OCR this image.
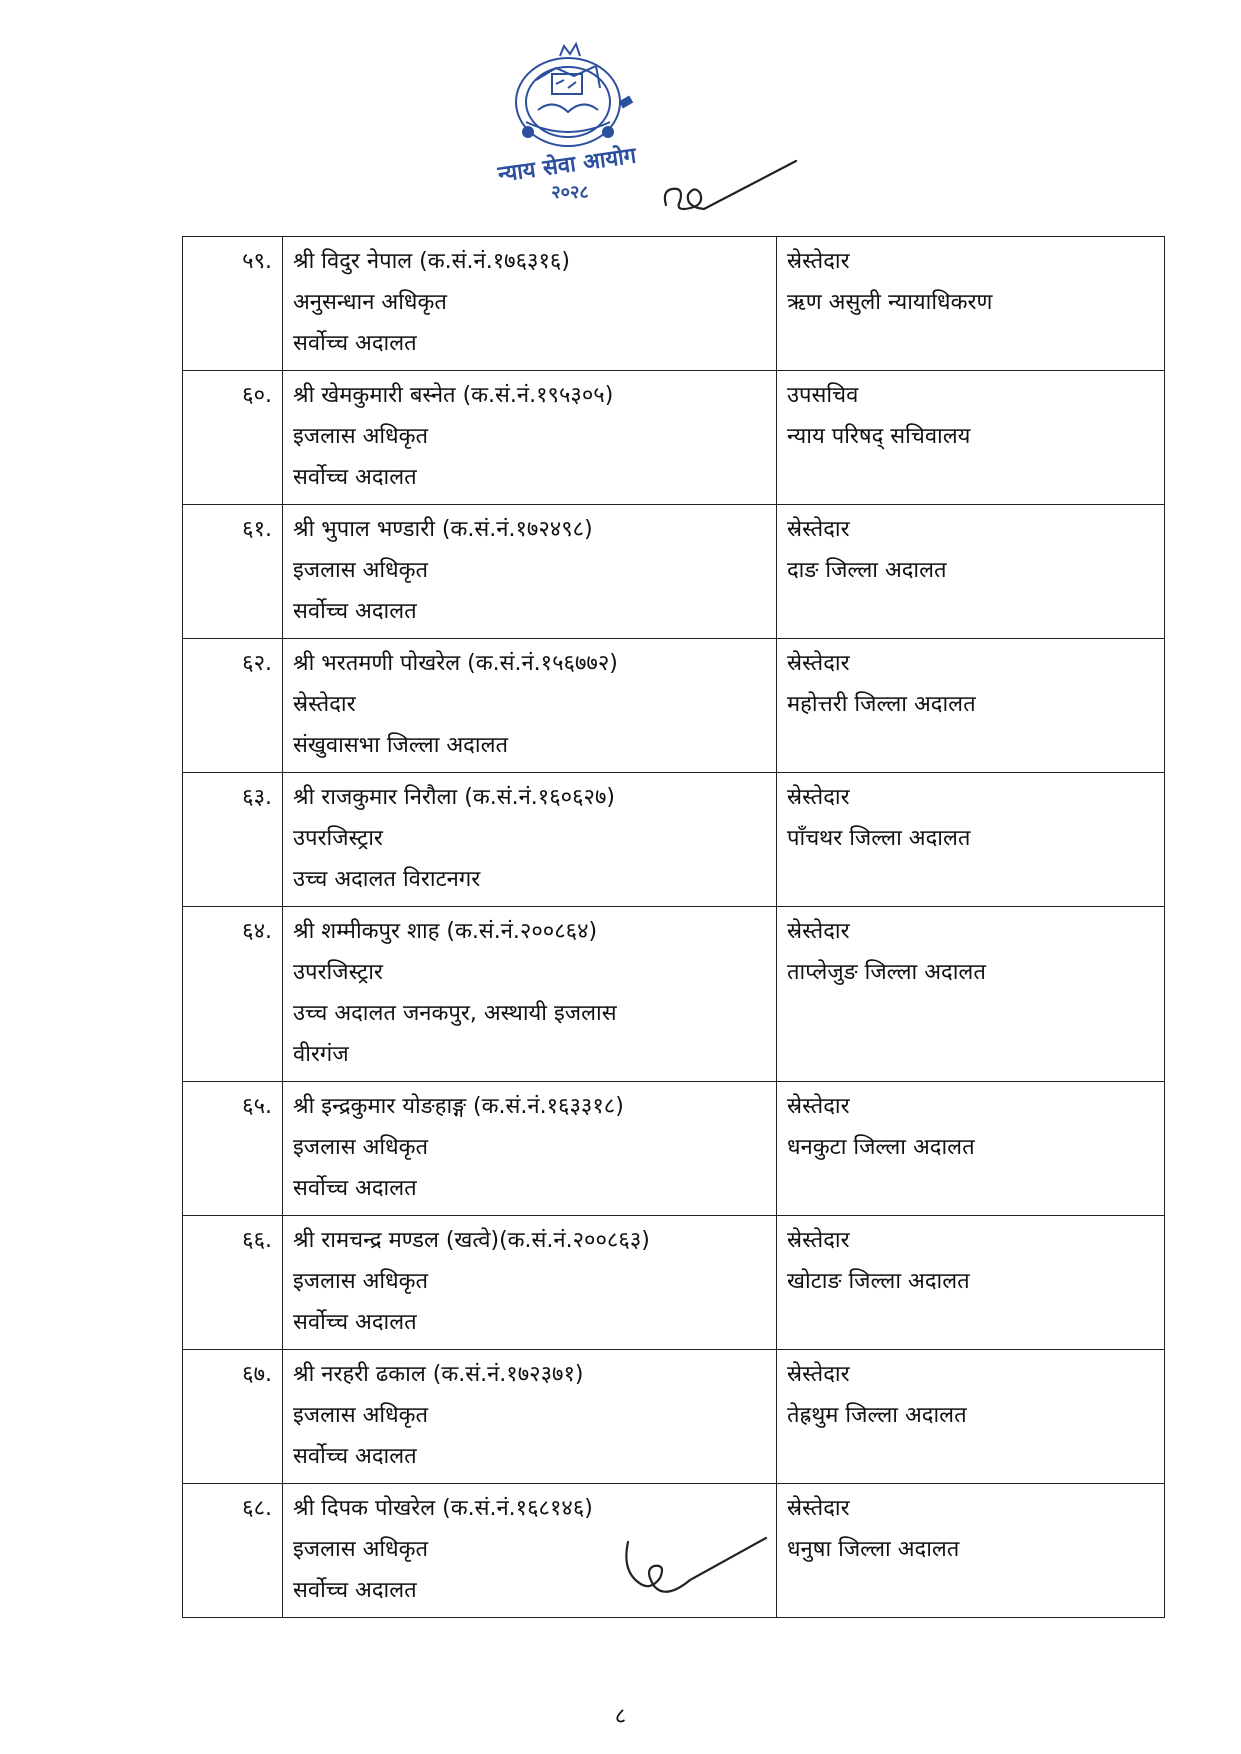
न्याय सेवा आयोग
२०२८
५९.	श्री विदुर नेपाल (क.सं.नं.१७६३१६)
अनुसन्धान अधिकृत
सर्वोच्च अदालत	स्रेस्तेदार
ऋण असुली न्यायाधिकरण

६०.	श्री खेमकुमारी बस्नेत (क.सं.नं.१९५३०५)
इजलास अधिकृत
सर्वोच्च अदालत	उपसचिव
न्याय परिषद् सचिवालय

६१.	श्री भुपाल भण्डारी (क.सं.नं.१७२४९८)
इजलास अधिकृत
सर्वोच्च अदालत	स्रेस्तेदार
दाङ जिल्ला अदालत

६२.	श्री भरतमणी पोखरेल (क.सं.नं.१५६७७२)
स्रेस्तेदार
संखुवासभा जिल्ला अदालत	स्रेस्तेदार
महोत्तरी जिल्ला अदालत

६३.	श्री राजकुमार निरौला (क.सं.नं.१६०६२७)
उपरजिस्ट्रार
उच्च अदालत विराटनगर	स्रेस्तेदार
पाँचथर जिल्ला अदालत

६४.	श्री शम्मीकपुर शाह (क.सं.नं.२००८६४)
उपरजिस्ट्रार
उच्च अदालत जनकपुर, अस्थायी इजलास
वीरगंज	स्रेस्तेदार
ताप्लेजुङ जिल्ला अदालत

६५.	श्री इन्द्रकुमार योङहाङ्ग (क.सं.नं.१६३३१८)
इजलास अधिकृत
सर्वोच्च अदालत	स्रेस्तेदार
धनकुटा जिल्ला अदालत

६६.	श्री रामचन्द्र मण्डल (खत्वे)(क.सं.नं.२००८६३)
इजलास अधिकृत
सर्वोच्च अदालत	स्रेस्तेदार
खोटाङ जिल्ला अदालत

६७.	श्री नरहरी ढकाल (क.सं.नं.१७२३७१)
इजलास अधिकृत
सर्वोच्च अदालत	स्रेस्तेदार
तेह्रथुम जिल्ला अदालत

६८.	श्री दिपक पोखरेल (क.सं.नं.१६८१४६)
इजलास अधिकृत
सर्वोच्च अदालत	स्रेस्तेदार
धनुषा जिल्ला अदालत
८
